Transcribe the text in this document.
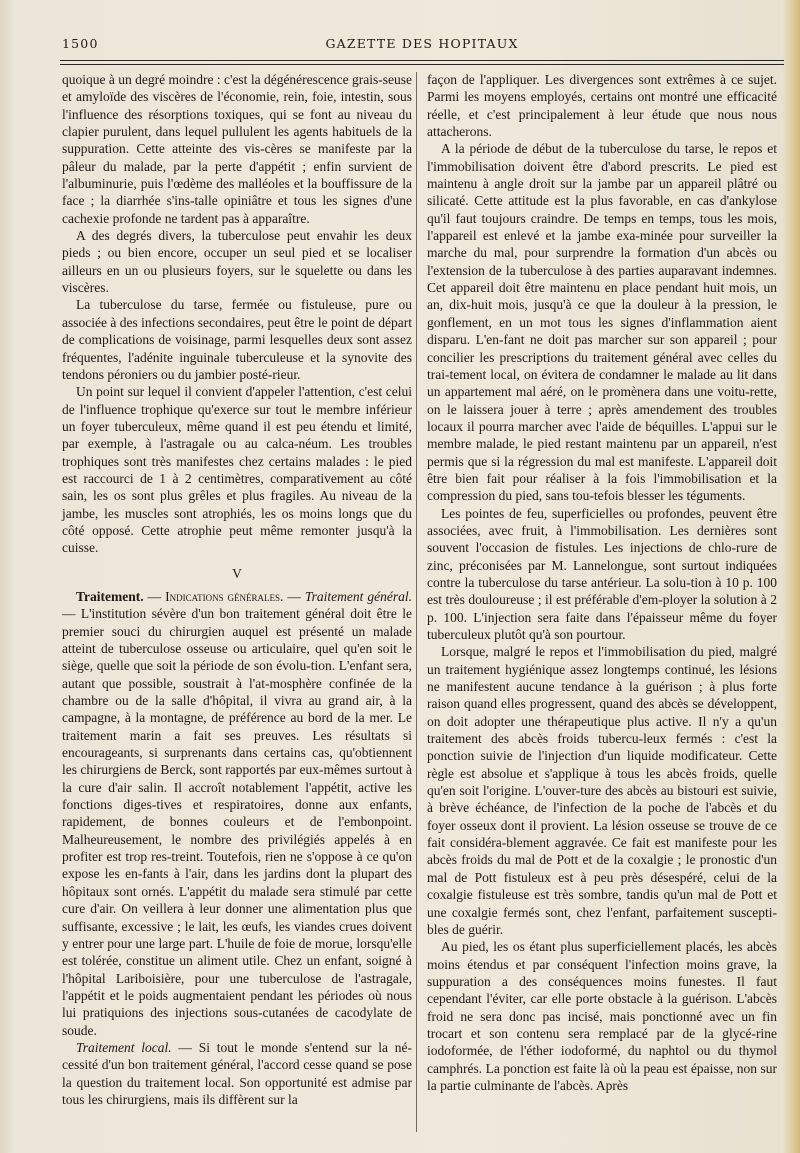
1500	GAZETTE DES HOPITAUX

quoique à un degré moindre : c'est la dégénérescence grais-seuse et amyloïde des viscères de l'économie, rein, foie, intestin, sous l'influence des résorptions toxiques, qui se font au niveau du clapier purulent, dans lequel pullulent les agents habituels de la suppuration. Cette atteinte des vis-cères se manifeste par la pâleur du malade, par la perte d'appétit ; enfin survient de l'albuminurie, puis l'œdème des malléoles et la bouffissure de la face ; la diarrhée s'ins-talle opiniâtre et tous les signes d'une cachexie profonde ne tardent pas à apparaître.

A des degrés divers, la tuberculose peut envahir les deux pieds ; ou bien encore, occuper un seul pied et se localiser ailleurs en un ou plusieurs foyers, sur le squelette ou dans les viscères.

La tuberculose du tarse, fermée ou fistuleuse, pure ou associée à des infections secondaires, peut être le point de départ de complications de voisinage, parmi lesquelles deux sont assez fréquentes, l'adénite inguinale tuberculeuse et la synovite des tendons péroniers ou du jambier posté-rieur.

Un point sur lequel il convient d'appeler l'attention, c'est celui de l'influence trophique qu'exerce sur tout le membre inférieur un foyer tuberculeux, même quand il est peu étendu et limité, par exemple, à l'astragale ou au calca-néum. Les troubles trophiques sont très manifestes chez certains malades : le pied est raccourci de 1 à 2 centimètres, comparativement au côté sain, les os sont plus grêles et plus fragiles. Au niveau de la jambe, les muscles sont atrophiés, les os moins longs que du côté opposé. Cette atrophie peut même remonter jusqu'à la cuisse.

V

Traitement. — Indications générales. — Traitement général. — L'institution sévère d'un bon traitement général doit être le premier souci du chirurgien auquel est présenté un malade atteint de tuberculose osseuse ou articulaire, quel qu'en soit le siège, quelle que soit la période de son évolu-tion. L'enfant sera, autant que possible, soustrait à l'at-mosphère confinée de la chambre ou de la salle d'hôpital, il vivra au grand air, à la campagne, à la montagne, de préférence au bord de la mer. Le traitement marin a fait ses preuves. Les résultats si encourageants, si surprenants dans certains cas, qu'obtiennent les chirurgiens de Berck, sont rapportés par eux-mêmes surtout à la cure d'air salin. Il accroît notablement l'appétit, active les fonctions diges-tives et respiratoires, donne aux enfants, rapidement, de bonnes couleurs et de l'embonpoint. Malheureusement, le nombre des privilégiés appelés à en profiter est trop res-treint. Toutefois, rien ne s'oppose à ce qu'on expose les en-fants à l'air, dans les jardins dont la plupart des hôpitaux sont ornés. L'appétit du malade sera stimulé par cette cure d'air. On veillera à leur donner une alimentation plus que suffisante, excessive ; le lait, les œufs, les viandes crues doivent y entrer pour une large part. L'huile de foie de morue, lorsqu'elle est tolérée, constitue un aliment utile. Chez un enfant, soigné à l'hôpital Lariboisière, pour une tuberculose de l'astragale, l'appétit et le poids augmentaient pendant les périodes où nous lui pratiquions des injections sous-cutanées de cacodylate de soude.

Traitement local. — Si tout le monde s'entend sur la né-cessité d'un bon traitement général, l'accord cesse quand se pose la question du traitement local. Son opportunité est admise par tous les chirurgiens, mais ils diffèrent sur la

façon de l'appliquer. Les divergences sont extrêmes à ce sujet. Parmi les moyens employés, certains ont montré une efficacité réelle, et c'est principalement à leur étude que nous nous attacherons.

A la période de début de la tuberculose du tarse, le repos et l'immobilisation doivent être d'abord prescrits. Le pied est maintenu à angle droit sur la jambe par un appareil plâtré ou silicaté. Cette attitude est la plus favorable, en cas d'ankylose qu'il faut toujours craindre. De temps en temps, tous les mois, l'appareil est enlevé et la jambe exa-minée pour surveiller la marche du mal, pour surprendre la formation d'un abcès ou l'extension de la tuberculose à des parties auparavant indemnes. Cet appareil doit être maintenu en place pendant huit mois, un an, dix-huit mois, jusqu'à ce que la douleur à la pression, le gonflement, en un mot tous les signes d'inflammation aient disparu. L'en-fant ne doit pas marcher sur son appareil ; pour concilier les prescriptions du traitement général avec celles du trai-tement local, on évitera de condamner le malade au lit dans un appartement mal aéré, on le promènera dans une voitu-rette, on le laissera jouer à terre ; après amendement des troubles locaux il pourra marcher avec l'aide de béquilles. L'appui sur le membre malade, le pied restant maintenu par un appareil, n'est permis que si la régression du mal est manifeste. L'appareil doit être bien fait pour réaliser à la fois l'immobilisation et la compression du pied, sans tou-tefois blesser les téguments.

Les pointes de feu, superficielles ou profondes, peuvent être associées, avec fruit, à l'immobilisation. Les dernières sont souvent l'occasion de fistules. Les injections de chlo-rure de zinc, préconisées par M. Lannelongue, sont surtout indiquées contre la tuberculose du tarse antérieur. La solu-tion à 10 p. 100 est très douloureuse ; il est préférable d'em-ployer la solution à 2 p. 100. L'injection sera faite dans l'épaisseur même du foyer tuberculeux plutôt qu'à son pourtour.

Lorsque, malgré le repos et l'immobilisation du pied, malgré un traitement hygiénique assez longtemps continué, les lésions ne manifestent aucune tendance à la guérison ; à plus forte raison quand elles progressent, quand des abcès se développent, on doit adopter une thérapeutique plus active. Il n'y a qu'un traitement des abcès froids tubercu-leux fermés : c'est la ponction suivie de l'injection d'un liquide modificateur. Cette règle est absolue et s'applique à tous les abcès froids, quelle qu'en soit l'origine. L'ouver-ture des abcès au bistouri est suivie, à brève échéance, de l'infection de la poche de l'abcès et du foyer osseux dont il provient. La lésion osseuse se trouve de ce fait considéra-blement aggravée. Ce fait est manifeste pour les abcès froids du mal de Pott et de la coxalgie ; le pronostic d'un mal de Pott fistuleux est à peu près désespéré, celui de la coxalgie fistuleuse est très sombre, tandis qu'un mal de Pott et une coxalgie fermés sont, chez l'enfant, parfaitement suscepti-bles de guérir.

Au pied, les os étant plus superficiellement placés, les abcès moins étendus et par conséquent l'infection moins grave, la suppuration a des conséquences moins funestes. Il faut cependant l'éviter, car elle porte obstacle à la guérison. L'abcès froid ne sera donc pas incisé, mais ponctionné avec un fin trocart et son contenu sera remplacé par de la glycé-rine iodoformée, de l'éther iodoformé, du naphtol ou du thymol camphrés. La ponction est faite là où la peau est épaisse, non sur la partie culminante de l'abcès. Après
